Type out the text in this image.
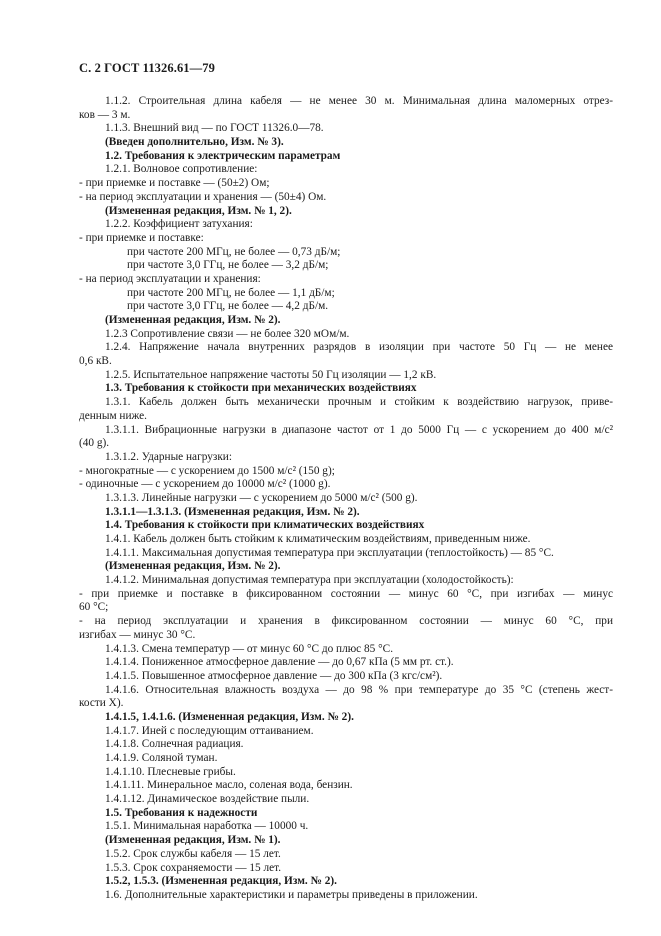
С. 2 ГОСТ 11326.61—79
1.1.2. Строительная длина кабеля — не менее 30 м. Минимальная длина маломерных отрез-
ков — 3 м.
1.1.3. Внешний вид — по ГОСТ 11326.0—78.
(Введен дополнительно, Изм. № 3).
1.2. Требования к электрическим параметрам
1.2.1. Волновое сопротивление:
- при приемке и поставке — (50±2) Ом;
- на период эксплуатации и хранения — (50±4) Ом.
(Измененная редакция, Изм. № 1, 2).
1.2.2. Коэффициент затухания:
- при приемке и поставке:
при частоте 200 МГц, не более — 0,73 дБ/м;
при частоте 3,0 ГГц, не более — 3,2 дБ/м;
- на период эксплуатации и хранения:
при частоте 200 МГц, не более — 1,1 дБ/м;
при частоте 3,0 ГГц, не более — 4,2 дБ/м.
(Измененная редакция, Изм. № 2).
1.2.3 Сопротивление связи — не более 320 мОм/м.
1.2.4. Напряжение начала внутренних разрядов в изоляции при частоте 50 Гц — не менее
0,6 кВ.
1.2.5. Испытательное напряжение частоты 50 Гц изоляции — 1,2 кВ.
1.3. Требования к стойкости при механических воздействиях
1.3.1. Кабель должен быть механически прочным и стойким к воздействию нагрузок, приве-
денным ниже.
1.3.1.1. Вибрационные нагрузки в диапазоне частот от 1 до 5000 Гц — с ускорением до 400 м/с²
(40 g).
1.3.1.2. Ударные нагрузки:
- многократные — с ускорением до 1500 м/с² (150 g);
- одиночные — с ускорением до 10000 м/с² (1000 g).
1.3.1.3. Линейные нагрузки — с ускорением до 5000 м/с² (500 g).
1.3.1.1—1.3.1.3. (Измененная редакция, Изм. № 2).
1.4. Требования к стойкости при климатических воздействиях
1.4.1. Кабель должен быть стойким к климатическим воздействиям, приведенным ниже.
1.4.1.1. Максимальная допустимая температура при эксплуатации (теплостойкость) — 85 °С.
(Измененная редакция, Изм. № 2).
1.4.1.2. Минимальная допустимая температура при эксплуатации (холодостойкость):
- при приемке и поставке в фиксированном состоянии — минус 60 °С, при изгибах — минус
60 °С;
- на период эксплуатации и хранения в фиксированном состоянии — минус 60 °С, при
изгибах — минус 30 °С.
1.4.1.3. Смена температур — от минус 60 °С до плюс 85 °С.
1.4.1.4. Пониженное атмосферное давление — до 0,67 кПа (5 мм рт. ст.).
1.4.1.5. Повышенное атмосферное давление — до 300 кПа (3 кгс/см²).
1.4.1.6. Относительная влажность воздуха — до 98 % при температуре до 35 °С (степень жест-
кости X).
1.4.1.5, 1.4.1.6. (Измененная редакция, Изм. № 2).
1.4.1.7. Иней с последующим оттаиванием.
1.4.1.8. Солнечная радиация.
1.4.1.9. Соляной туман.
1.4.1.10. Плесневые грибы.
1.4.1.11. Минеральное масло, соленая вода, бензин.
1.4.1.12. Динамическое воздействие пыли.
1.5. Требования к надежности
1.5.1. Минимальная наработка — 10000 ч.
(Измененная редакция, Изм. № 1).
1.5.2. Срок службы кабеля — 15 лет.
1.5.3. Срок сохраняемости — 15 лет.
1.5.2, 1.5.3. (Измененная редакция, Изм. № 2).
1.6. Дополнительные характеристики и параметры приведены в приложении.
